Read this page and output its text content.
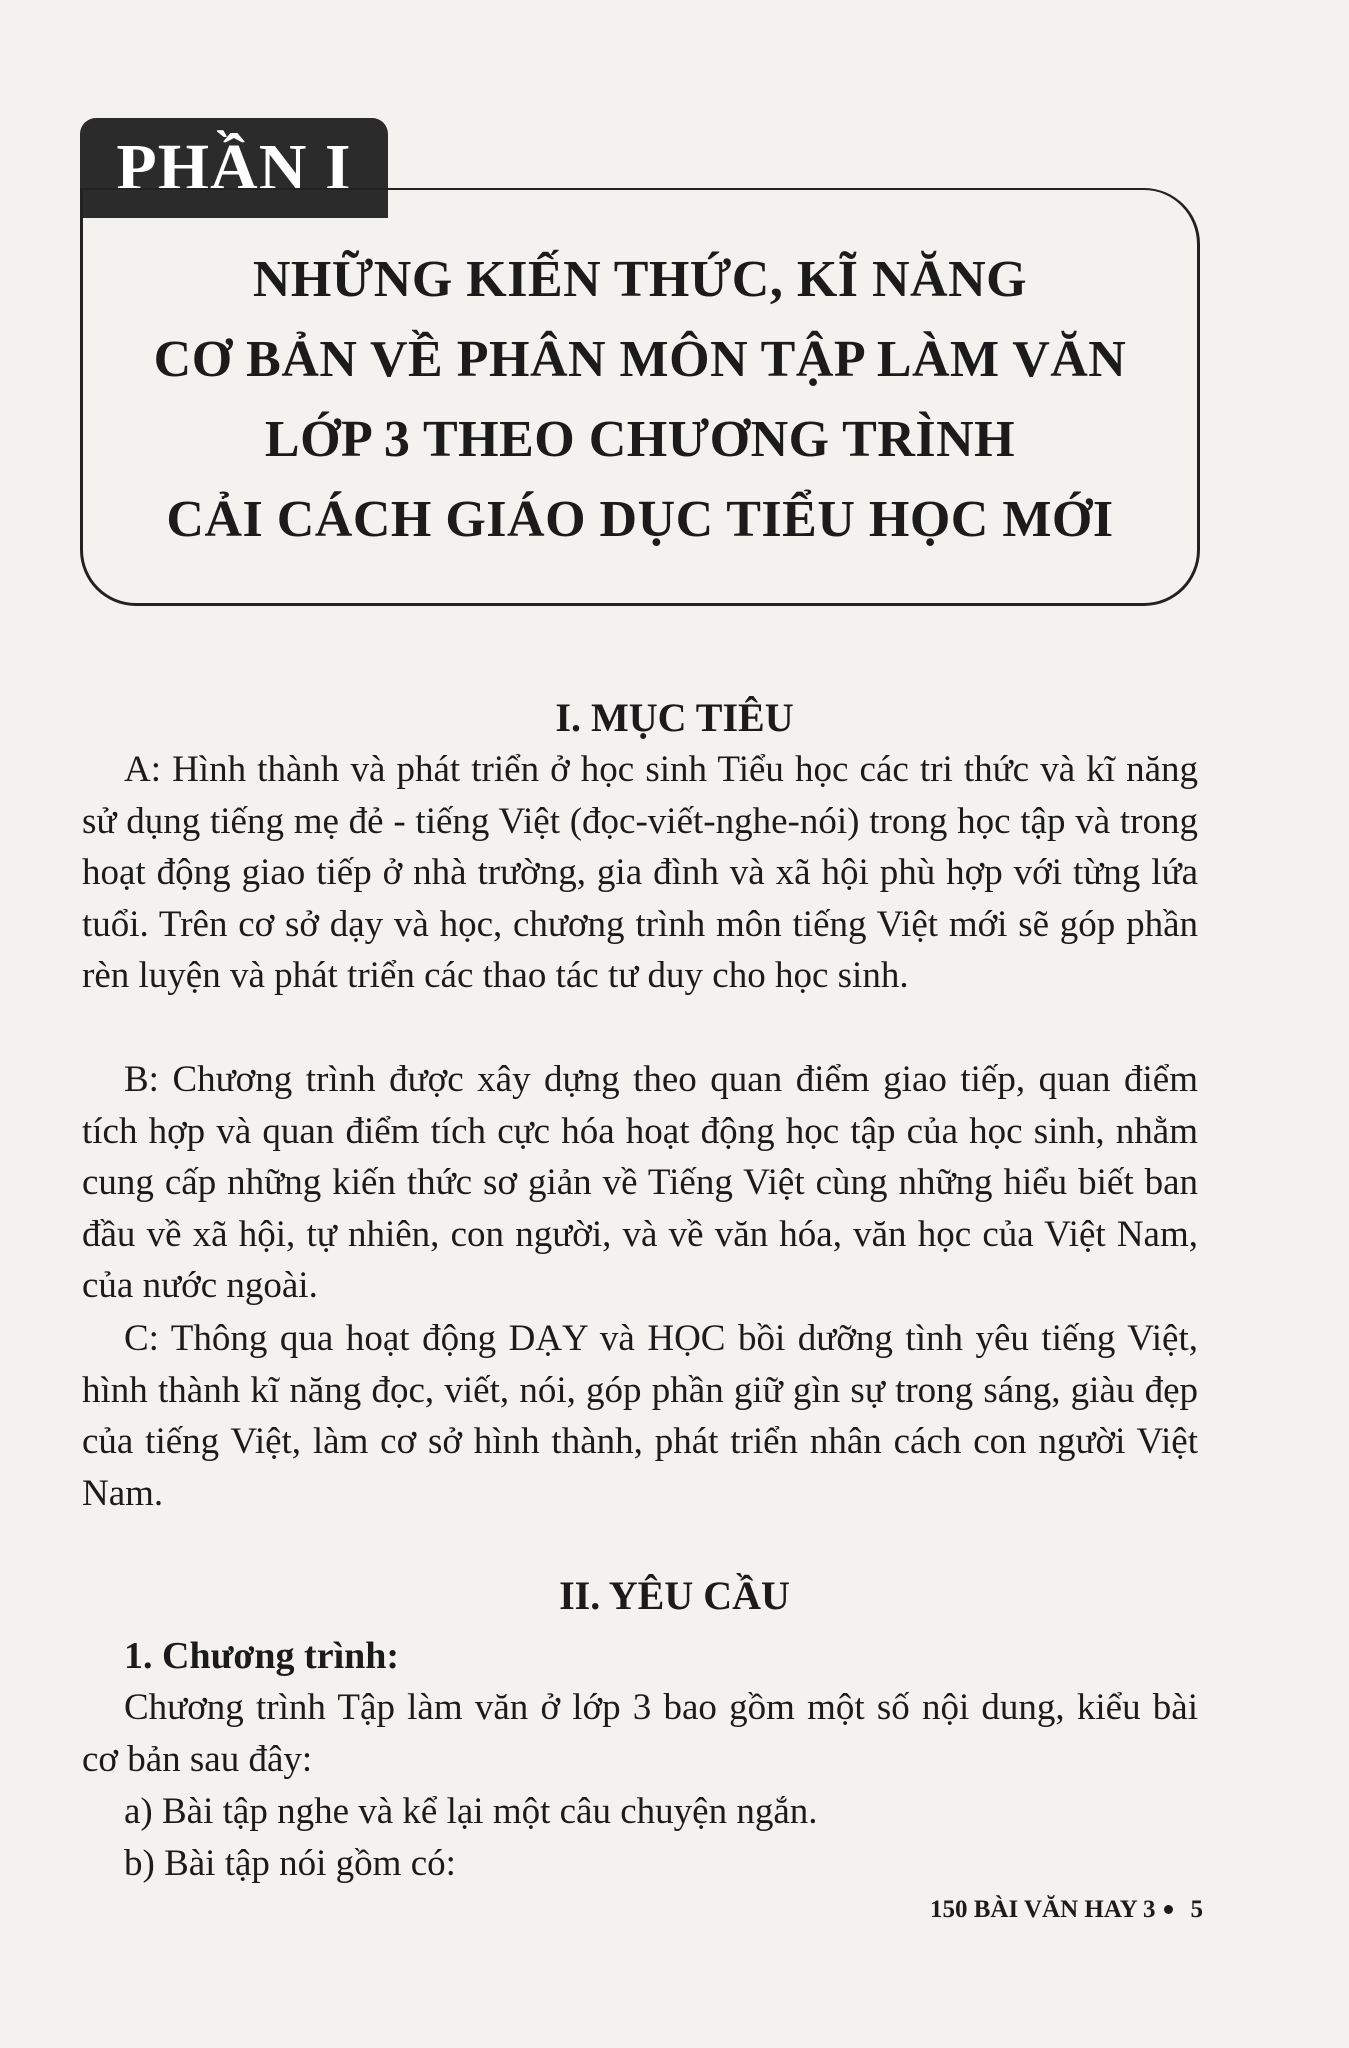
PHẦN I
NHỮNG KIẾN THỨC, KĨ NĂNG
CƠ BẢN VỀ PHÂN MÔN TẬP LÀM VĂN
LỚP 3 THEO CHƯƠNG TRÌNH
CẢI CÁCH GIÁO DỤC TIỂU HỌC MỚI
I. MỤC TIÊU
A: Hình thành và phát triển ở học sinh Tiểu học các tri thức và kĩ năng sử dụng tiếng mẹ đẻ - tiếng Việt (đọc-viết-nghe-nói) trong học tập và trong hoạt động giao tiếp ở nhà trường, gia đình và xã hội phù hợp với từng lứa tuổi. Trên cơ sở dạy và học, chương trình môn tiếng Việt mới sẽ góp phần rèn luyện và phát triển các thao tác tư duy cho học sinh.
B: Chương trình được xây dựng theo quan điểm giao tiếp, quan điểm tích hợp và quan điểm tích cực hóa hoạt động học tập của học sinh, nhằm cung cấp những kiến thức sơ giản về Tiếng Việt cùng những hiểu biết ban đầu về xã hội, tự nhiên, con người, và về văn hóa, văn học của Việt Nam, của nước ngoài.
C: Thông qua hoạt động DẠY và HỌC bồi dưỡng tình yêu tiếng Việt, hình thành kĩ năng đọc, viết, nói, góp phần giữ gìn sự trong sáng, giàu đẹp của tiếng Việt, làm cơ sở hình thành, phát triển nhân cách con người Việt Nam.
II. YÊU CẦU
1. Chương trình:
Chương trình Tập làm văn ở lớp 3 bao gồm một số nội dung, kiểu bài cơ bản sau đây:
a) Bài tập nghe và kể lại một câu chuyện ngắn.
b) Bài tập nói gồm có:
150 BÀI VĂN HAY 3 5
